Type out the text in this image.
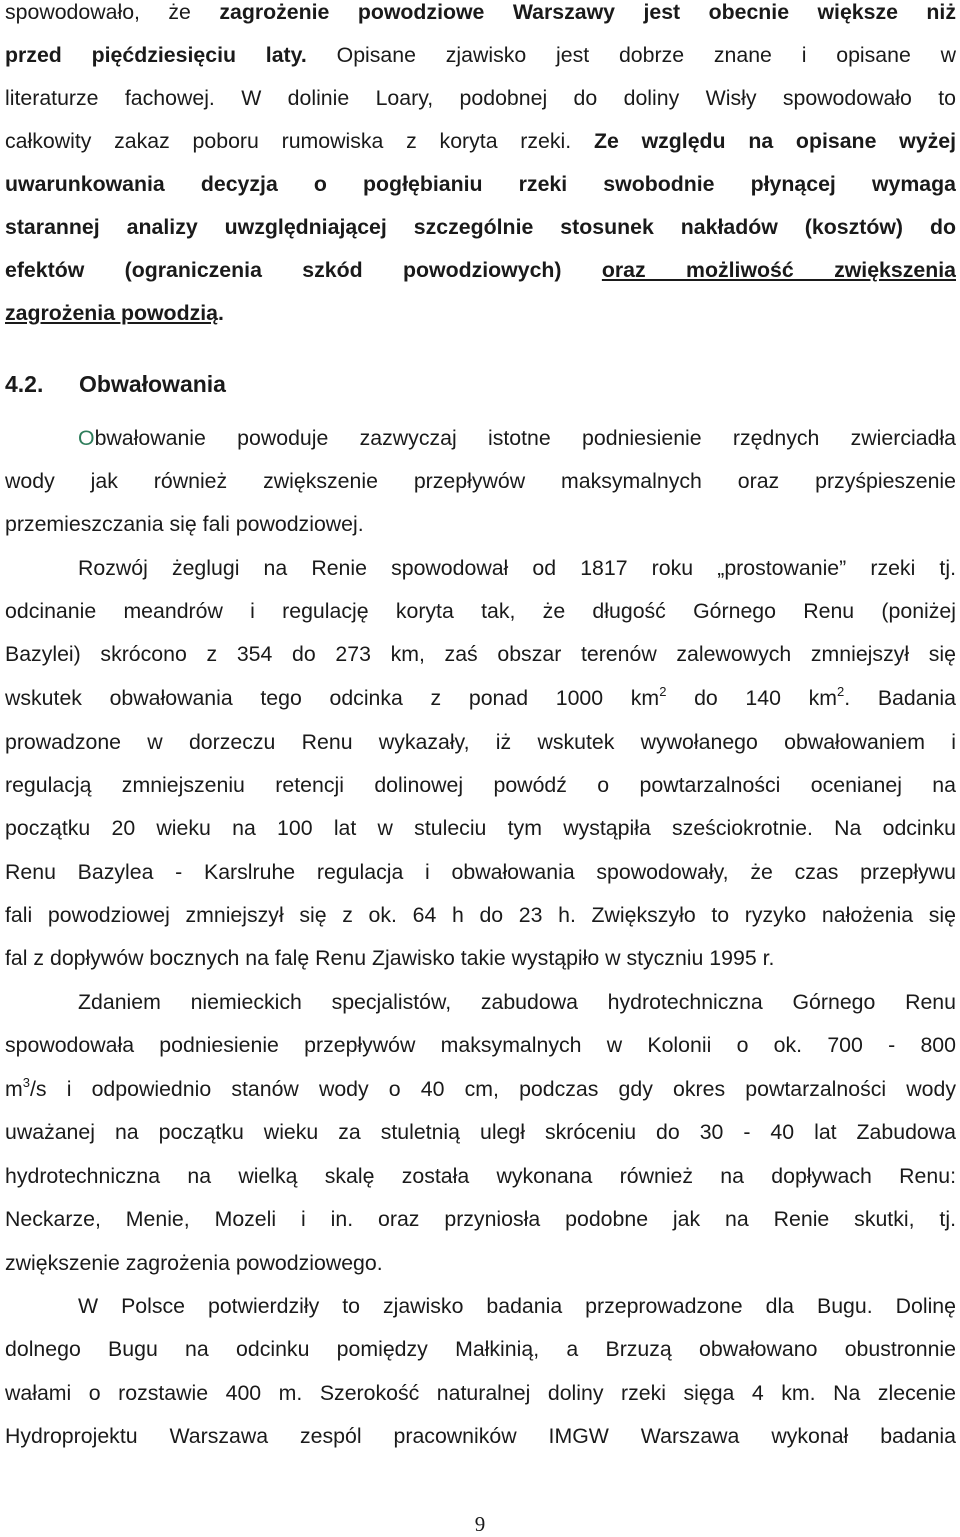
spowodowało, że zagrożenie powodziowe Warszawy jest obecnie większe niż
przed pięćdziesięciu laty. Opisane zjawisko jest dobrze znane i opisane w
literaturze fachowej. W dolinie Loary, podobnej do doliny Wisły spowodowało to
całkowity zakaz poboru rumowiska z koryta rzeki. Ze względu na opisane wyżej
uwarunkowania decyzja o pogłębianiu rzeki swobodnie płynącej wymaga
starannej analizy uwzględniającej szczególnie stosunek nakładów (kosztów) do
efektów (ograniczenia szkód powodziowych) oraz możliwość zwiększenia
zagrożenia powodzią.
4.2. Obwałowania
Obwałowanie powoduje zazwyczaj istotne podniesienie rzędnych zwierciadła
wody jak również zwiększenie przepływów maksymalnych oraz przyśpieszenie
przemieszczania się fali powodziowej.
Rozwój żeglugi na Renie spowodował od 1817 roku „prostowanie” rzeki tj.
odcinanie meandrów i regulację koryta tak, że długość Górnego Renu (poniżej
Bazylei) skrócono z 354 do 273 km, zaś obszar terenów zalewowych zmniejszył się
wskutek obwałowania tego odcinka z ponad 1000 $km^2$ do 140 $km^2$. Badania
prowadzone w dorzeczu Renu wykazały, iż wskutek wywołanego obwałowaniem i
regulacją zmniejszeniu retencji dolinowej powódź o powtarzalności ocenianej na
początku 20 wieku na 100 lat w stuleciu tym wystąpiła sześciokrotnie. Na odcinku
Renu Bazylea - Karslruhe regulacja i obwałowania spowodowały, że czas przepływu
fali powodziowej zmniejszył się z ok. 64 h do 23 h. Zwiększyło to ryzyko nałożenia się
fal z dopływów bocznych na falę Renu Zjawisko takie wystąpiło w styczniu 1995 r.
Zdaniem niemieckich specjalistów, zabudowa hydrotechniczna Górnego Renu
spowodowała podniesienie przepływów maksymalnych w Kolonii o ok. 700 - 800
$m^3/s$ i odpowiednio stanów wody o 40 cm, podczas gdy okres powtarzalności wody
uważanej na początku wieku za stuletnią uległ skróceniu do 30 - 40 lat Zabudowa
hydrotechniczna na wielką skalę została wykonana również na dopływach Renu:
Neckarze, Menie, Mozeli i in. oraz przyniosła podobne jak na Renie skutki, tj.
zwiększenie zagrożenia powodziowego.
W Polsce potwierdziły to zjawisko badania przeprowadzone dla Bugu. Dolinę
dolnego Bugu na odcinku pomiędzy Małkinią, a Brzuzą obwałowano obustronnie
wałami o rozstawie 400 m. Szerokość naturalnej doliny rzeki sięga 4 km. Na zlecenie
Hydroprojektu Warszawa zespól pracowników IMGW Warszawa wykonał badania
9
